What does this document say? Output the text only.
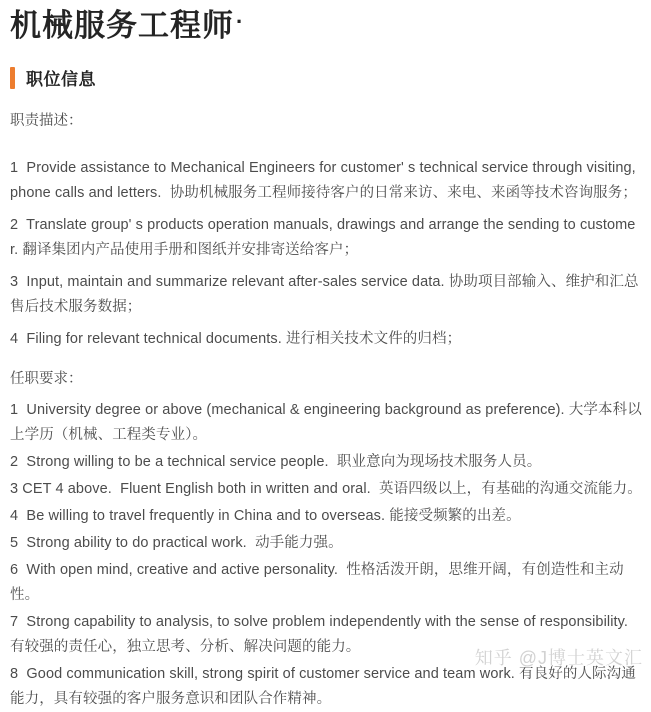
机械服务工程师 ·
职位信息

职责描述：

1  Provide assistance to Mechanical Engineers for customer' s technical service through visiting, phone calls and letters.  协助机械服务工程师接待客户的日常来访、来电、来函等技术咨询服务；

2  Translate group' s products operation manuals, drawings and arrange the sending to customer. 翻译集团内产品使用手册和图纸并安排寄送给客户；

3  Input, maintain and summarize relevant after-sales service data. 协助项目部输入、维护和汇总售后技术服务数据；

4  Filing for relevant technical documents. 进行相关技术文件的归档；

任职要求：

1  University degree or above (mechanical & engineering background as preference). 大学本科以上学历（机械、工程类专业）。

2  Strong willing to be a technical service people.  职业意向为现场技术服务人员。

3 CET 4 above.  Fluent English both in written and oral.  英语四级以上，有基础的沟通交流能力。

4  Be willing to travel frequently in China and to overseas. 能接受频繁的出差。

5  Strong ability to do practical work.  动手能力强。

6  With open mind, creative and active personality.  性格活泼开朗，思维开阔，有创造性和主动性。

7  Strong capability to analysis, to solve problem independently with the sense of responsibility. 有较强的责任心，独立思考、分析、解决问题的能力。

8  Good communication skill, strong spirit of customer service and team work. 有良好的人际沟通能力，具有较强的客户服务意识和团队合作精神。

知乎 @J博士英文汇
